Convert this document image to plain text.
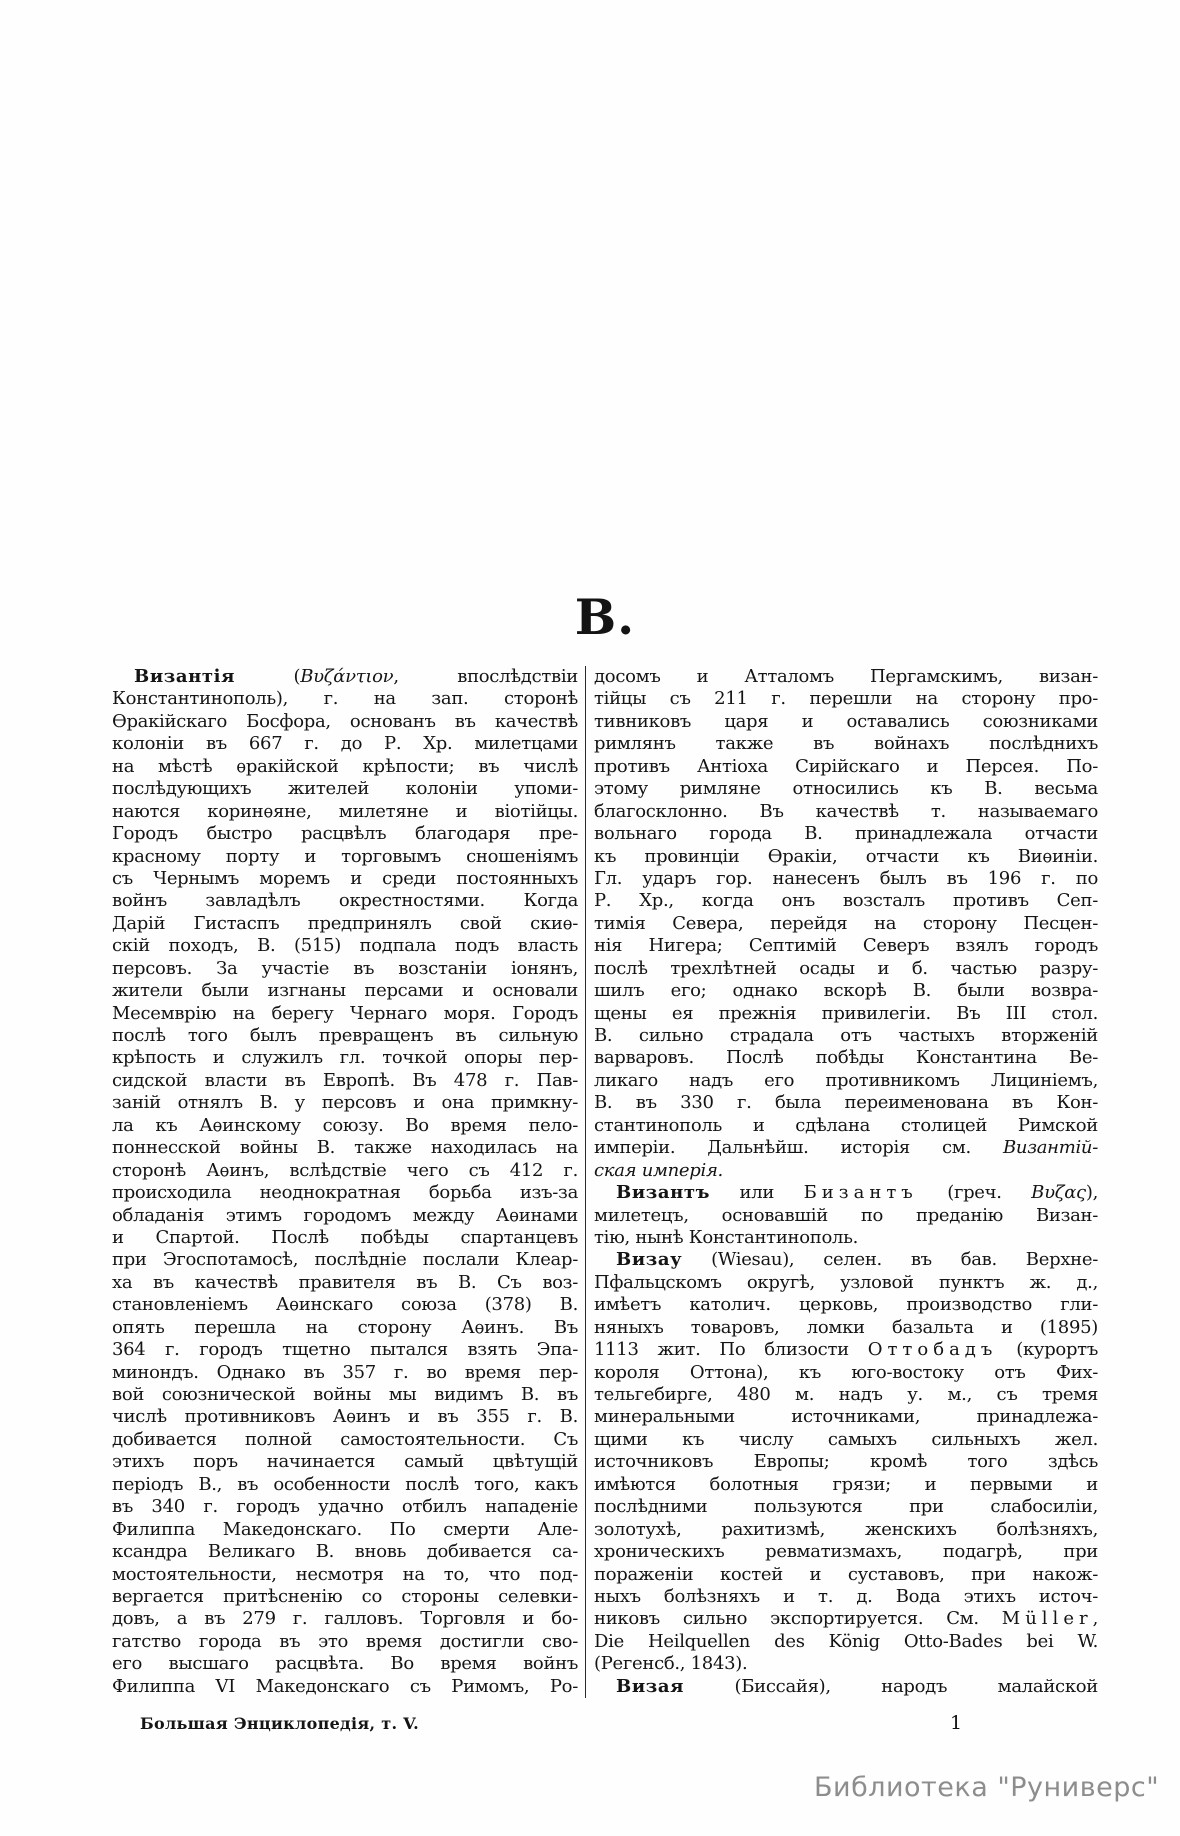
В.
Византія (Βυζάντιον, впослѣдствіи
Константинополь), г. на зап. сторонѣ
Ѳракійскаго Босфора, основанъ въ качествѣ
колоніи въ 667 г. до Р. Хр. милетцами
на мѣстѣ ѳракійской крѣпости; въ числѣ
послѣдующихъ жителей колоніи упоми-
наются коринѳяне, милетяне и віотійцы.
Городъ быстро расцвѣлъ благодаря пре-
красному порту и торговымъ сношеніямъ
съ Чернымъ моремъ и среди постоянныхъ
войнъ завладѣлъ окрестностями. Когда
Дарій Гистаспъ предпринялъ свой скиѳ-
скій походъ, В. (515) подпала подъ власть
персовъ. За участіе въ возстаніи іонянъ,
жители были изгнаны персами и основали
Месемврію на берегу Чернаго моря. Городъ
послѣ того былъ превращенъ въ сильную
крѣпость и служилъ гл. точкой опоры пер-
сидской власти въ Европѣ. Въ 478 г. Пав-
заній отнялъ В. у персовъ и она примкну-
ла къ Аѳинскому союзу. Во время пело-
поннесской войны В. также находилась на
сторонѣ Аѳинъ, вслѣдствіе чего съ 412 г.
происходила неоднократная борьба изъ-за
обладанія этимъ городомъ между Аѳинами
и Спартой. Послѣ побѣды спартанцевъ
при Эгоспотамосѣ, послѣдніе послали Клеар-
ха въ качествѣ правителя въ В. Съ воз-
становленіемъ Аѳинскаго союза (378) В.
опять перешла на сторону Аѳинъ. Въ
364 г. городъ тщетно пытался взять Эпа-
минондъ. Однако въ 357 г. во время пер-
вой союзнической войны мы видимъ В. въ
числѣ противниковъ Аѳинъ и въ 355 г. В.
добивается полной самостоятельности. Съ
этихъ поръ начинается самый цвѣтущій
періодъ В., въ особенности послѣ того, какъ
въ 340 г. городъ удачно отбилъ нападеніе
Филиппа Македонскаго. По смерти Але-
ксандра Великаго В. вновь добивается са-
мостоятельности, несмотря на то, что под-
вергается притѣсненію со стороны селевки-
довъ, а въ 279 г. галловъ. Торговля и бо-
гатство города въ это время достигли сво-
его высшаго расцвѣта. Во время войнъ
Филиппа VI Македонскаго съ Римомъ, Ро-
досомъ и Атталомъ Пергамскимъ, визан-
тійцы съ 211 г. перешли на сторону про-
тивниковъ царя и оставались союзниками
римлянъ также въ войнахъ послѣднихъ
противъ Антіоха Сирійскаго и Персея. По-
этому римляне относились къ В. весьма
благосклонно. Въ качествѣ т. называемаго
вольнаго города В. принадлежала отчасти
къ провинціи Ѳракіи, отчасти къ Виѳиніи.
Гл. ударъ гор. нанесенъ былъ въ 196 г. по
Р. Хр., когда онъ возсталъ противъ Сеп-
тимія Севера, перейдя на сторону Песцен-
нія Нигера; Септимій Северъ взялъ городъ
послѣ трехлѣтней осады и б. частью разру-
шилъ его; однако вскорѣ В. были возвра-
щены ея прежнія привилегіи. Въ III стол.
В. сильно страдала отъ частыхъ вторженій
варваровъ. Послѣ побѣды Константина Ве-
ликаго надъ его противникомъ Лициніемъ,
В. въ 330 г. была переименована въ Кон-
стантинополь и сдѣлана столицей Римской
имперіи. Дальнѣйш. исторія см. Византій-
ская имперія.
Византъ или Бизантъ (греч. Βυζας),
милетецъ, основавшій по преданію Визан-
тію, нынѣ Константинополь.
Визау (Wiesau), селен. въ бав. Верхне-
Пфальцскомъ округѣ, узловой пунктъ ж. д.,
имѣетъ католич. церковь, производство гли-
няныхъ товаровъ, ломки базальта и (1895)
1113 жит. По близости Оттобадъ (курортъ
короля Оттона), къ юго-востоку отъ Фих-
тельгебирге, 480 м. надъ у. м., съ тремя
минеральными источниками, принадлежа-
щими къ числу самыхъ сильныхъ жел.
источниковъ Европы; кромѣ того здѣсь
имѣются болотныя грязи; и первыми и
послѣдними пользуются при слабосиліи,
золотухѣ, рахитизмѣ, женскихъ болѣзняхъ,
хроническихъ ревматизмахъ, подагрѣ, при
пораженіи костей и суставовъ, при накож-
ныхъ болѣзняхъ и т. д. Вода этихъ источ-
никовъ сильно экспортируется. См. Müller,
Die Heilquellen des König Otto-Bades bei W.
(Регенсб., 1843).
Визая (Биссайя), народъ малайской
Большая Энциклопедія, т. V.	1
Библиотека "Руниверс"
